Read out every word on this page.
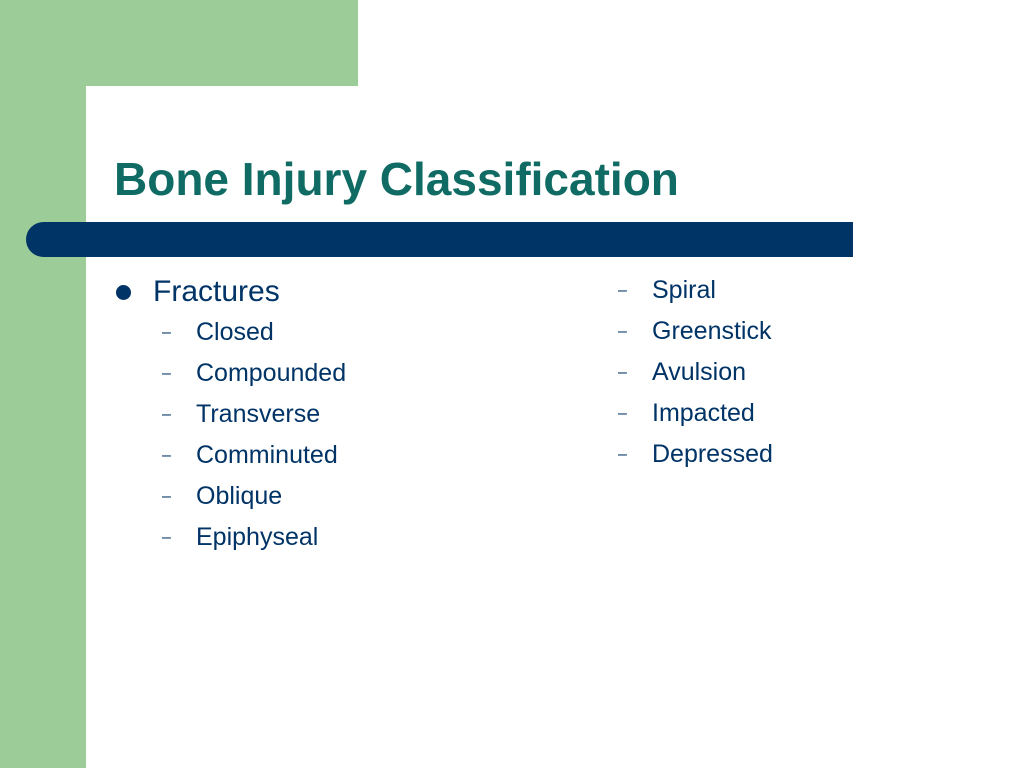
Bone Injury Classification
Fractures
– Closed
– Compounded
– Transverse
– Comminuted
– Oblique
– Epiphyseal
– Spiral
– Greenstick
– Avulsion
– Impacted
– Depressed
